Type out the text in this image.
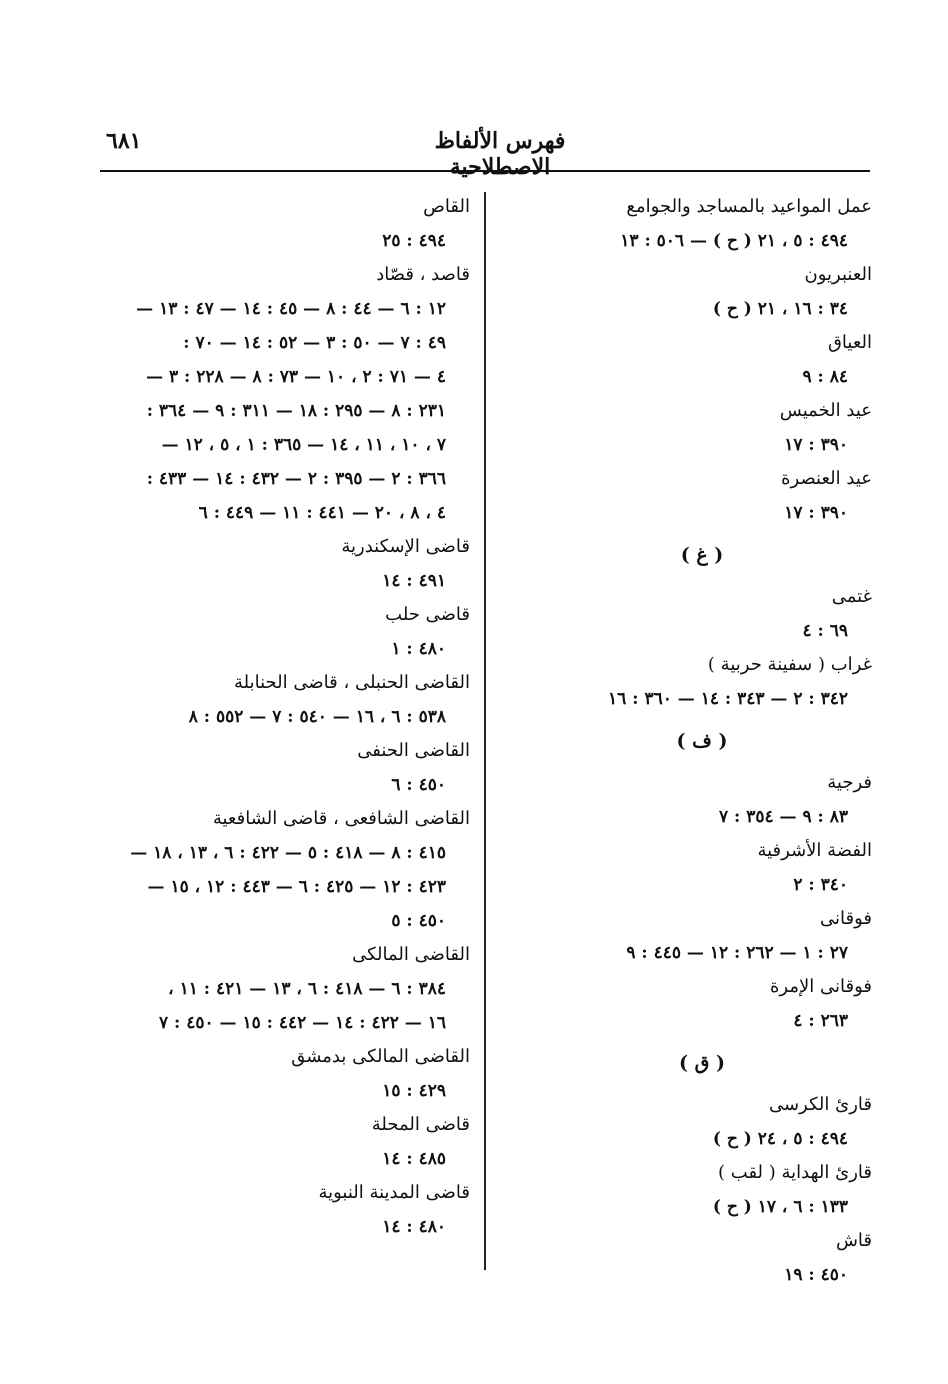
فهرس الألفاظ الاصطلاحية
٦٨١
عمل المواعيد بالمساجد والجوامع
٤٩٤ : ٥ ، ٢١ ( ح ) — ٥٠٦ : ١٣
العنبريون
٣٤ : ١٦ ، ٢١ ( ح )
العياق
٨٤ : ٩
عيد الخميس
٣٩٠ : ١٧
عيد العنصرة
٣٩٠ : ١٧
( غ )
غتمى
٦٩ : ٤
غراب ( سفينة حربية )
٣٤٢ : ٢ — ٣٤٣ : ١٤ — ٣٦٠ : ١٦
( ف )
فرجية
٨٣ : ٩ — ٣٥٤ : ٧
الفضة الأشرفية
٣٤٠ : ٢
فوقانى
٢٧ : ١ — ٢٦٢ : ١٢ — ٤٤٥ : ٩
فوقانى الإمرة
٢٦٣ : ٤
( ق )
قارئ الكرسى
٤٩٤ : ٥ ، ٢٤ ( ح )
قارئ الهداية ( لقب )
١٣٣ : ٦ ، ١٧ ( ح )
قاش
٤٥٠ : ١٩
القاص
٤٩٤ : ٢٥
قاصد ، قصّاد
١٢ : ٦ — ٤٤ : ٨ — ٤٥ : ١٤ — ٤٧ : ١٣ —
٤٩ : ٧ — ٥٠ : ٣ — ٥٢ : ١٤ — ٧٠ :
٤ — ٧١ : ٢ ، ١٠ — ٧٣ : ٨ — ٢٢٨ : ٣ —
٢٣١ : ٨ — ٢٩٥ : ١٨ — ٣١١ : ٩ — ٣٦٤ :
٧ ، ١٠ ، ١١ ، ١٤ — ٣٦٥ : ١ ، ٥ ، ١٢ —
٣٦٦ : ٢ — ٣٩٥ : ٢ — ٤٣٢ : ١٤ — ٤٣٣ :
٤ ، ٨ ، ٢٠ — ٤٤١ : ١١ — ٤٤٩ : ٦
قاضى الإسكندرية
٤٩١ : ١٤
قاضى حلب
٤٨٠ : ١
القاضى الحنبلى ، قاضى الحنابلة
٥٣٨ : ٦ ، ١٦ — ٥٤٠ : ٧ — ٥٥٢ : ٨
القاضى الحنفى
٤٥٠ : ٦
القاضى الشافعى ، قاضى الشافعية
٤١٥ : ٨ — ٤١٨ : ٥ — ٤٢٢ : ٦ ، ١٣ ، ١٨ —
٤٢٣ : ١٢ — ٤٢٥ : ٦ — ٤٤٣ : ١٢ ، ١٥ —
٤٥٠ : ٥
القاضى المالكى
٣٨٤ : ٦ — ٤١٨ : ٦ ، ١٣ — ٤٢١ : ١١ ،
١٦ — ٤٢٢ : ١٤ — ٤٤٢ : ١٥ — ٤٥٠ : ٧
القاضى المالكى بدمشق
٤٢٩ : ١٥
قاضى المحلة
٤٨٥ : ١٤
قاضى المدينة النبوية
٤٨٠ : ١٤
